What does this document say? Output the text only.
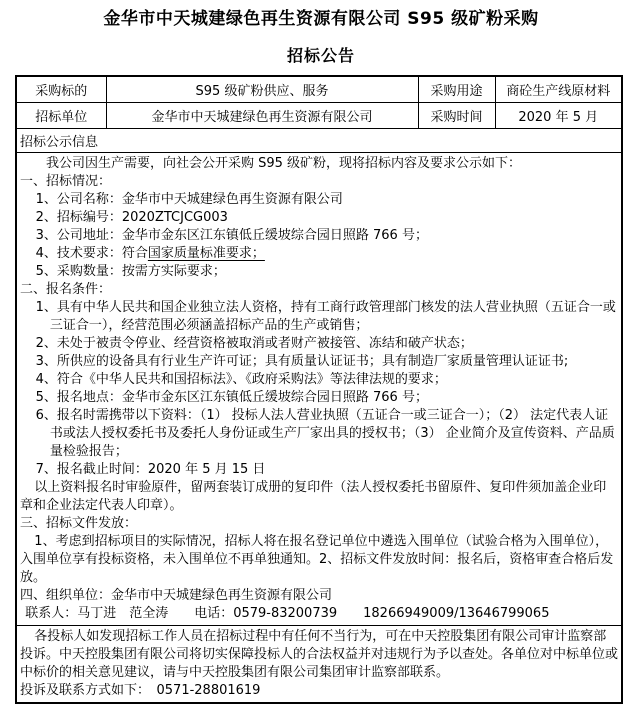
金华市中天城建绿色再生资源有限公司 S95 级矿粉采购
招标公告
采购标的	S95 级矿粉供应、服务	采购用途	商砼生产线原材料
招标单位	金华市中天城建绿色再生资源有限公司	采购时间	2020 年 5 月
招标公示信息			

我公司因生产需要，向社会公开采购 S95 级矿粉，现将招标内容及要求公示如下：
一、招标情况：
1、公司名称：金华市中天城建绿色再生资源有限公司
2、招标编号：2020ZTCJCG003
3、公司地址：金华市金东区江东镇低丘缓坡综合园日照路 766 号；
4、技术要求：符合国家质量标准要求；
5、采购数量：按需方实际要求；
二、报名条件：
1、具有中华人民共和国企业独立法人资格，持有工商行政管理部门核发的法人营业执照（五证合一或三证合一），经营范围必须涵盖招标产品的生产或销售；
2、未处于被责令停业、经营资格被取消或者财产被接管、冻结和破产状态；
3、所供应的设备具有行业生产许可证；具有质量认证证书；具有制造厂家质量管理认证证书;
4、符合《中华人民共和国招标法》、《政府采购法》等法律法规的要求；
5、报名地点：金华市金东区江东镇低丘缓坡综合园日照路 766 号；
6、报名时需携带以下资料：（1） 投标人法人营业执照（五证合一或三证合一）；（2） 法定代表人证书或法人授权委托书及委托人身份证或生产厂家出具的授权书；（3） 企业简介及宣传资料、产品质量检验报告；
7、报名截止时间：2020 年 5 月 15 日
以上资料报名时审验原件，留两套装订成册的复印件（法人授权委托书留原件、复印件须加盖企业印章和企业法定代表人印章）。
三、招标文件发放：
1、考虑到招标项目的实际情况，招标人将在报名登记单位中遴选入围单位（试验合格为入围单位），入围单位享有投标资格，未入围单位不再单独通知。2、招标文件发放时间：报名后，资格审查合格后发放。
四、组织单位：金华市中天城建绿色再生资源有限公司
联系人：马丁进　范全涛　　电话：0579-83200739　　18266949009/13646799065

各投标人如发现招标工作人员在招标过程中有任何不当行为，可在中天控股集团有限公司审计监察部投诉。中天控股集团有限公司将切实保障投标人的合法权益并对违规行为予以查处。各单位对中标单位或中标价的相关意见建议，请与中天控股集团有限公司集团审计监察部联系。
投诉及联系方式如下：　0571-28801619			
